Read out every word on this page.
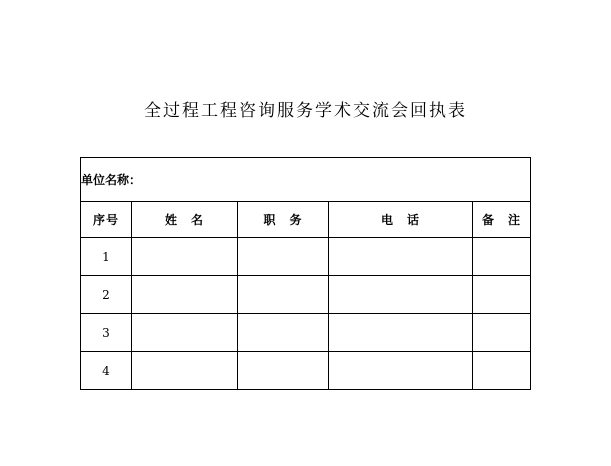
全过程工程咨询服务学术交流会回执表
单位名称：				
序号	姓　名	职　务	电　话	备　注
1				
2				
3				
4				
